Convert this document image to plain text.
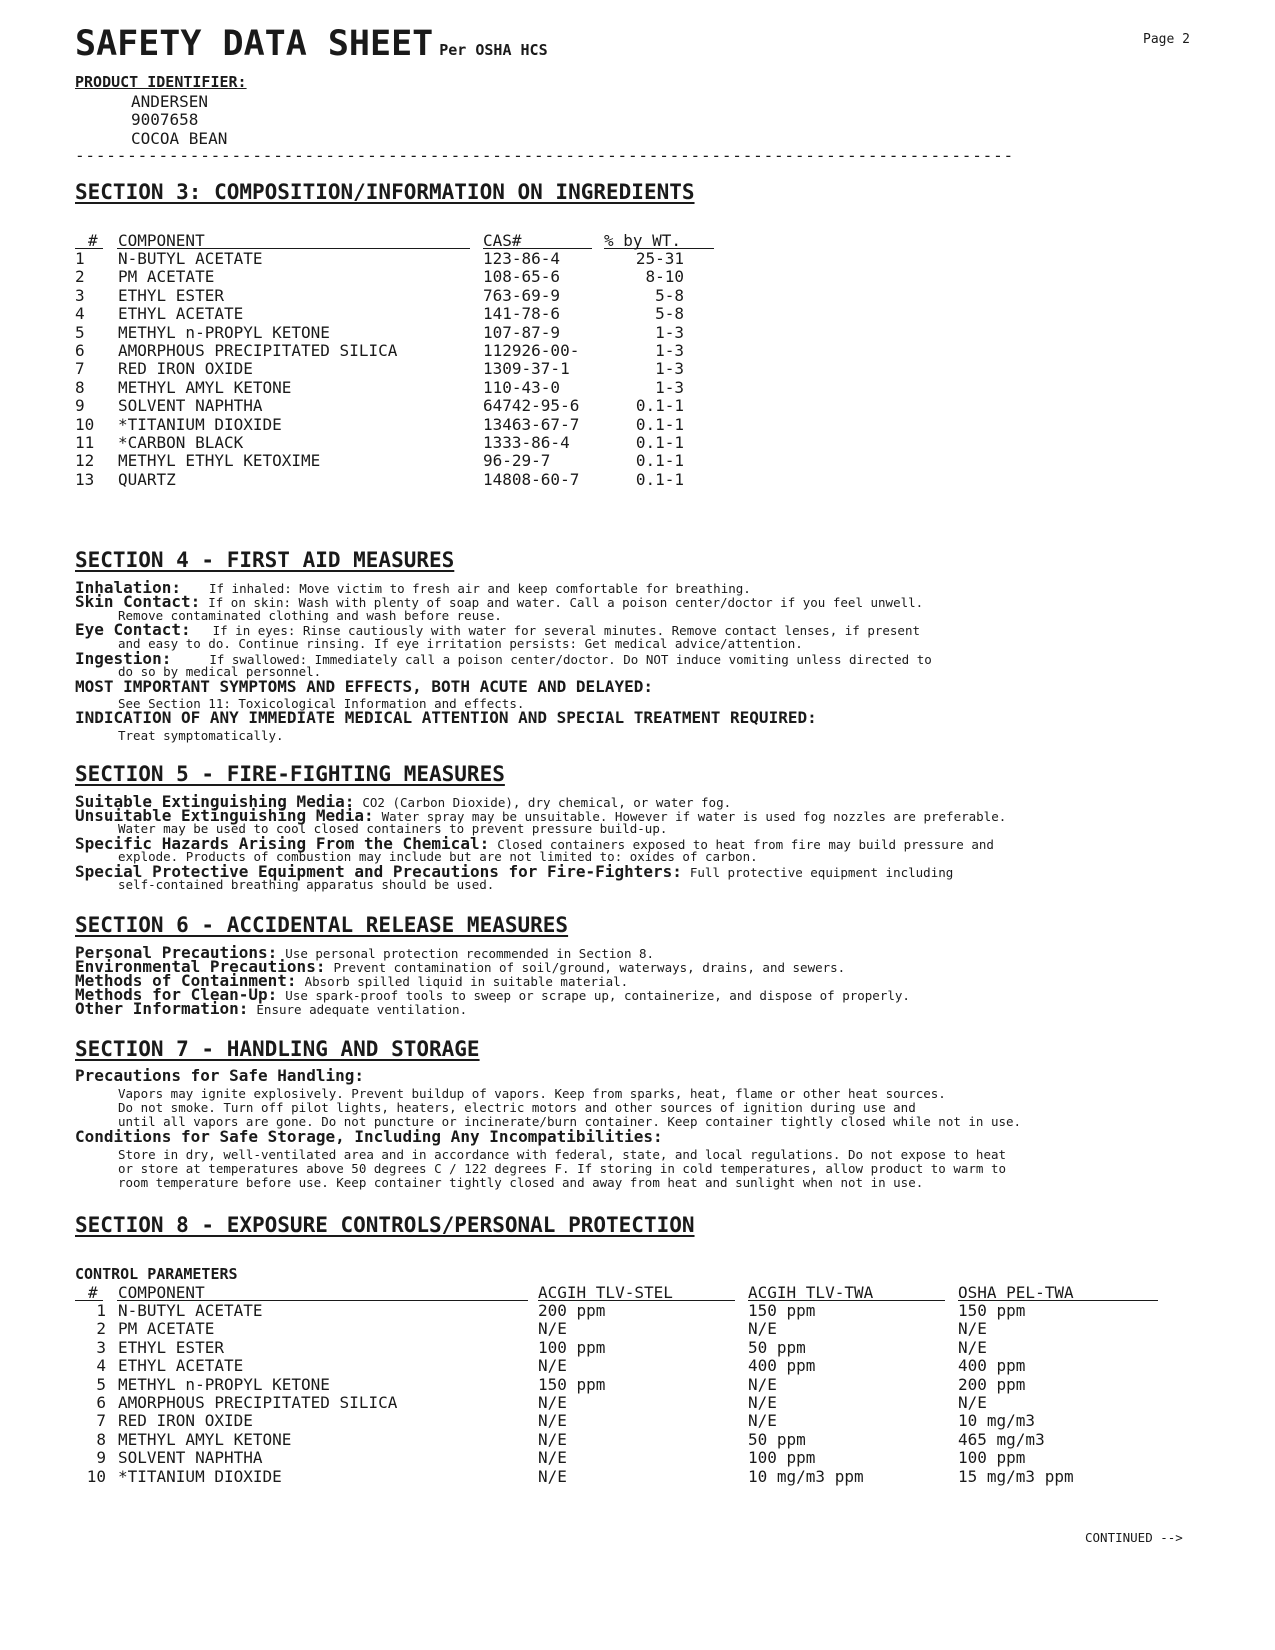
SAFETY DATA SHEET Per OSHA HCS
Page 2
PRODUCT IDENTIFIER:
ANDERSEN
9007658
COCOA BEAN
------------------------------------------------------------------------------------------
SECTION 3: COMPOSITION/INFORMATION ON INGREDIENTS
# COMPONENT	CAS#	% by WT.
1 N-BUTYL ACETATE	123-86-4	25-31
2 PM ACETATE	108-65-6	8-10
3 ETHYL ESTER	763-69-9	5-8
4 ETHYL ACETATE	141-78-6	5-8
5 METHYL n-PROPYL KETONE	107-87-9	1-3
6 AMORPHOUS PRECIPITATED SILICA	112926-00-	1-3
7 RED IRON OXIDE	1309-37-1	1-3
8 METHYL AMYL KETONE	110-43-0	1-3
9 SOLVENT NAPHTHA	64742-95-6	0.1-1
10 *TITANIUM DIOXIDE	13463-67-7	0.1-1
11 *CARBON BLACK	1333-86-4	0.1-1
12 METHYL ETHYL KETOXIME	96-29-7	0.1-1
13 QUARTZ	14808-60-7	0.1-1
SECTION 4 - FIRST AID MEASURES
Inhalation: If inhaled: Move victim to fresh air and keep comfortable for breathing.
Skin Contact: If on skin: Wash with plenty of soap and water. Call a poison center/doctor if you feel unwell.
Remove contaminated clothing and wash before reuse.
Eye Contact: If in eyes: Rinse cautiously with water for several minutes. Remove contact lenses, if present
and easy to do. Continue rinsing. If eye irritation persists: Get medical advice/attention.
Ingestion:	If swallowed: Immediately call a poison center/doctor. Do NOT induce vomiting unless directed to
do so by medical personnel.
MOST IMPORTANT SYMPTOMS AND EFFECTS, BOTH ACUTE AND DELAYED:
See Section 11: Toxicological Information and effects.
INDICATION OF ANY IMMEDIATE MEDICAL ATTENTION AND SPECIAL TREATMENT REQUIRED:
Treat symptomatically.
SECTION 5 - FIRE-FIGHTING MEASURES
Suitable Extinguishing Media: CO2 (Carbon Dioxide), dry chemical, or water fog.
Unsuitable Extinguishing Media: Water spray may be unsuitable. However if water is used fog nozzles are preferable.
Water may be used to cool closed containers to prevent pressure build-up.
Specific Hazards Arising From the Chemical: Closed containers exposed to heat from fire may build pressure and
explode. Products of combustion may include but are not limited to: oxides of carbon.
Special Protective Equipment and Precautions for Fire-Fighters: Full protective equipment including
self-contained breathing apparatus should be used.
SECTION 6 - ACCIDENTAL RELEASE MEASURES
Personal Precautions: Use personal protection recommended in Section 8.
Environmental Precautions: Prevent contamination of soil/ground, waterways, drains, and sewers.
Methods of Containment: Absorb spilled liquid in suitable material.
Methods for Clean-Up: Use spark-proof tools to sweep or scrape up, containerize, and dispose of properly.
Other Information: Ensure adequate ventilation.
SECTION 7 - HANDLING AND STORAGE
Precautions for Safe Handling:
Vapors may ignite explosively. Prevent buildup of vapors. Keep from sparks, heat, flame or other heat sources.
Do not smoke. Turn off pilot lights, heaters, electric motors and other sources of ignition during use and
until all vapors are gone. Do not puncture or incinerate/burn container. Keep container tightly closed while not in use.
Conditions for Safe Storage, Including Any Incompatibilities:
Store in dry, well-ventilated area and in accordance with federal, state, and local regulations. Do not expose to heat
or store at temperatures above 50 degrees C / 122 degrees F. If storing in cold temperatures, allow product to warm to
room temperature before use. Keep container tightly closed and away from heat and sunlight when not in use.
SECTION 8 - EXPOSURE CONTROLS/PERSONAL PROTECTION
CONTROL PARAMETERS
# COMPONENT	ACGIH TLV-STEL	ACGIH TLV-TWA	OSHA PEL-TWA
1 N-BUTYL ACETATE	200 ppm	150 ppm	150 ppm
2 PM ACETATE	N/E	N/E	N/E
3 ETHYL ESTER	100 ppm	50 ppm	N/E
4 ETHYL ACETATE	N/E	400 ppm	400 ppm
5 METHYL n-PROPYL KETONE	150 ppm	N/E	200 ppm
6 AMORPHOUS PRECIPITATED SILICA	N/E	N/E	N/E
7 RED IRON OXIDE	N/E	N/E	10 mg/m3
8 METHYL AMYL KETONE	N/E	50 ppm	465 mg/m3
9 SOLVENT NAPHTHA	N/E	100 ppm	100 ppm
10 *TITANIUM DIOXIDE	N/E	10 mg/m3 ppm	15 mg/m3 ppm
CONTINUED -->
